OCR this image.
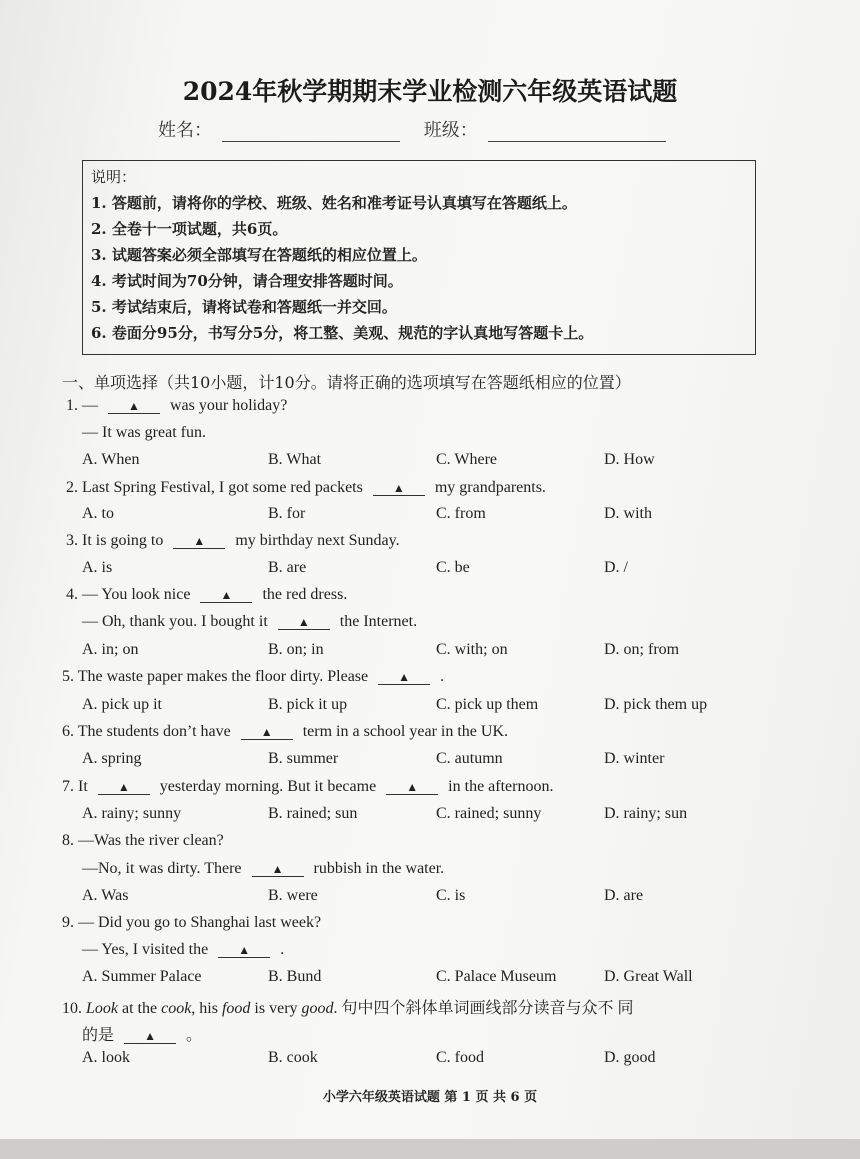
2024年秋学期期末学业检测六年级英语试题
姓名：	班级：
说明：
1. 答题前，请将你的学校、班级、姓名和准考证号认真填写在答题纸上。
2. 全卷十一项试题，共6页。
3. 试题答案必须全部填写在答题纸的相应位置上。
4. 考试时间为70分钟，请合理安排答题时间。
5. 考试结束后，请将试卷和答题纸一并交回。
6. 卷面分95分，书写分5分，将工整、美观、规范的字认真地写答题卡上。
一、单项选择（共10小题，计10分。请将正确的选项填写在答题纸相应的位置）
1. —	▲ was your holiday?
— It was great fun.
A. When	B. What	C. Where	D. How
2. Last Spring Festival, I got some red packets	▲ my grandparents.
A. to	B. for	C. from	D. with
3. It is going to	▲ my birthday next Sunday.
A. is	B. are	C. be	D. /
4. — You look nice	▲ the red dress.
— Oh, thank you. I bought it	▲ the Internet.
A. in; on	B. on; in	C. with; on	D. on; from
5. The waste paper makes the floor dirty. Please	▲ .
A. pick up it	B. pick it up	C. pick up them	D. pick them up
6. The students don’t have	▲ term in a school year in the UK.
A. spring	B. summer	C. autumn	D. winter
7. It	▲ yesterday morning. But it became	▲ in the afternoon.
A. rainy; sunny	B. rained; sun	C. rained; sunny	D. rainy; sun
8. —Was the river clean?
—No, it was dirty. There	▲ rubbish in the water.
A. Was	B. were	C. is	D. are
9. — Did you go to Shanghai last week?
— Yes, I visited the	▲ .
A. Summer Palace	B. Bund	C. Palace Museum	D. Great Wall
10. Look at the cook, his food is very good. 句中四个斜体单词画线部分读音与众不 同
的是	▲ 。
A. look	B. cook	C. food	D. good
小学六年级英语试题 第 1 页 共 6 页
